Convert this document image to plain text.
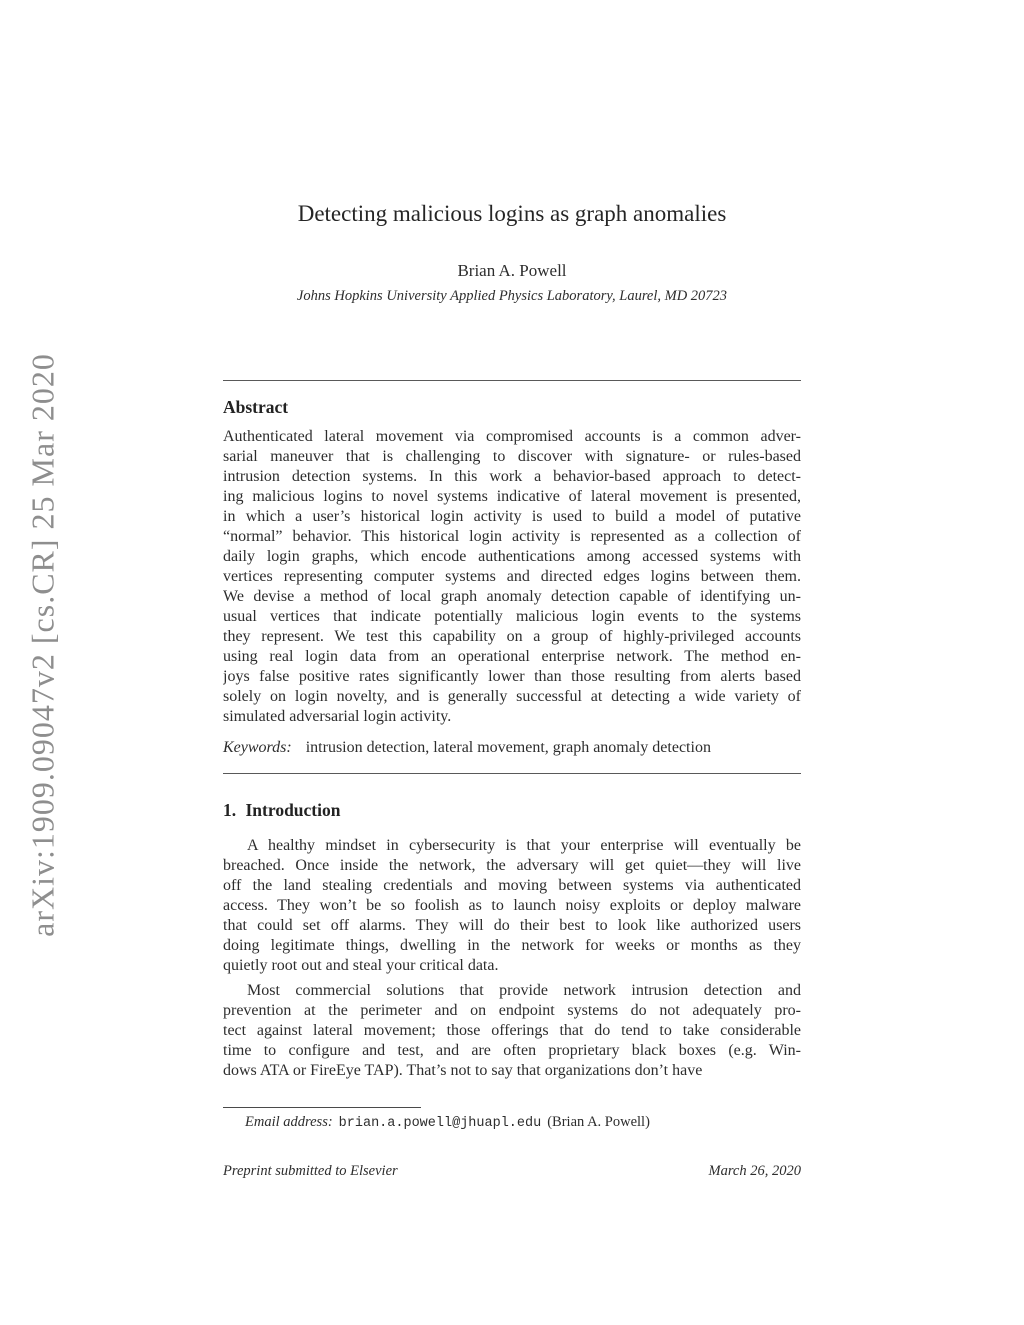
arXiv:1909.09047v2 [cs.CR] 25 Mar 2020
Detecting malicious logins as graph anomalies
Brian A. Powell
Johns Hopkins University Applied Physics Laboratory, Laurel, MD 20723
Abstract
Authenticated lateral movement via compromised accounts is a common adver-
sarial maneuver that is challenging to discover with signature- or rules-based
intrusion detection systems. In this work a behavior-based approach to detect-
ing malicious logins to novel systems indicative of lateral movement is presented,
in which a user’s historical login activity is used to build a model of putative
“normal” behavior. This historical login activity is represented as a collection of
daily login graphs, which encode authentications among accessed systems with
vertices representing computer systems and directed edges logins between them.
We devise a method of local graph anomaly detection capable of identifying un-
usual vertices that indicate potentially malicious login events to the systems
they represent. We test this capability on a group of highly-privileged accounts
using real login data from an operational enterprise network. The method en-
joys false positive rates significantly lower than those resulting from alerts based
solely on login novelty, and is generally successful at detecting a wide variety of
simulated adversarial login activity.
Keywords: intrusion detection, lateral movement, graph anomaly detection
1. Introduction
A healthy mindset in cybersecurity is that your enterprise will eventually be
breached. Once inside the network, the adversary will get quiet—they will live
off the land stealing credentials and moving between systems via authenticated
access. They won’t be so foolish as to launch noisy exploits or deploy malware
that could set off alarms. They will do their best to look like authorized users
doing legitimate things, dwelling in the network for weeks or months as they
quietly root out and steal your critical data.
Most commercial solutions that provide network intrusion detection and
prevention at the perimeter and on endpoint systems do not adequately pro-
tect against lateral movement; those offerings that do tend to take considerable
time to configure and test, and are often proprietary black boxes (e.g. Win-
dows ATA or FireEye TAP). That’s not to say that organizations don’t have
Email address: brian.a.powell@jhuapl.edu (Brian A. Powell)
Preprint submitted to Elsevier	March 26, 2020
